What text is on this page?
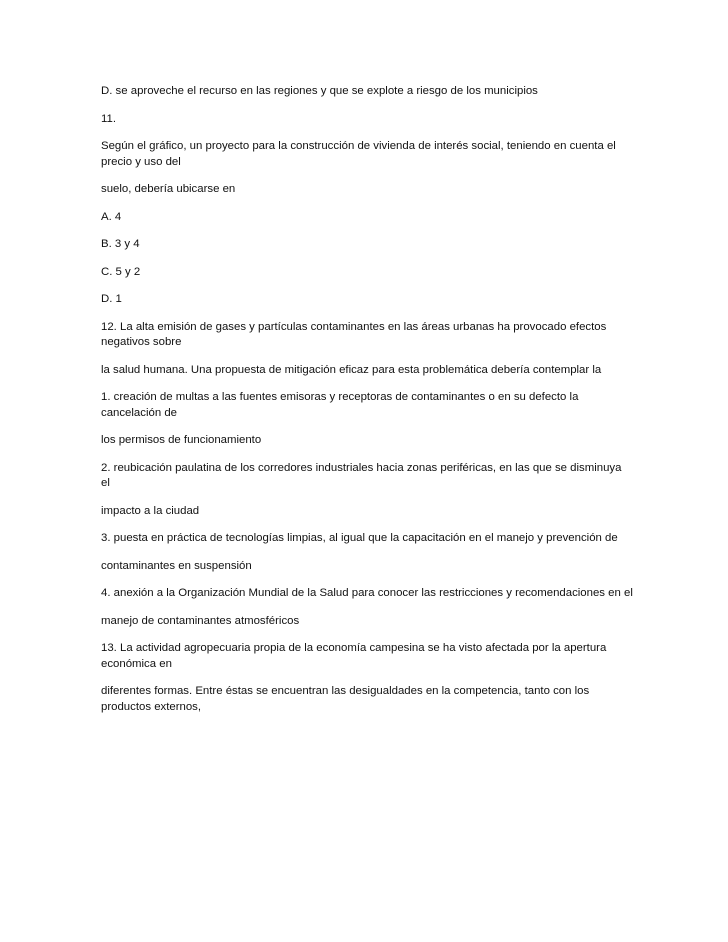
D. se aproveche el recurso en las regiones y que se explote a riesgo de los municipios

11.

Según el gráfico, un proyecto para la construcción de vivienda de interés social, teniendo en cuenta el precio y uso del

suelo, debería ubicarse en

A. 4

B. 3 y 4

C. 5 y 2

D. 1

12. La alta emisión de gases y partículas contaminantes en las áreas urbanas ha provocado efectos negativos sobre

la salud humana. Una propuesta de mitigación eficaz para esta problemática debería contemplar la

1. creación de multas a las fuentes emisoras y receptoras de contaminantes o en su defecto la cancelación de

los permisos de funcionamiento

2. reubicación paulatina de los corredores industriales hacia zonas periféricas, en las que se disminuya el

impacto a la ciudad

3. puesta en práctica de tecnologías limpias, al igual que la capacitación en el manejo y prevención de

contaminantes en suspensión

4. anexión a la Organización Mundial de la Salud para conocer las restricciones y recomendaciones en el

manejo de contaminantes atmosféricos

13. La actividad agropecuaria propia de la economía campesina se ha visto afectada por la apertura económica en

diferentes formas. Entre éstas se encuentran las desigualdades en la competencia, tanto con los productos externos,
